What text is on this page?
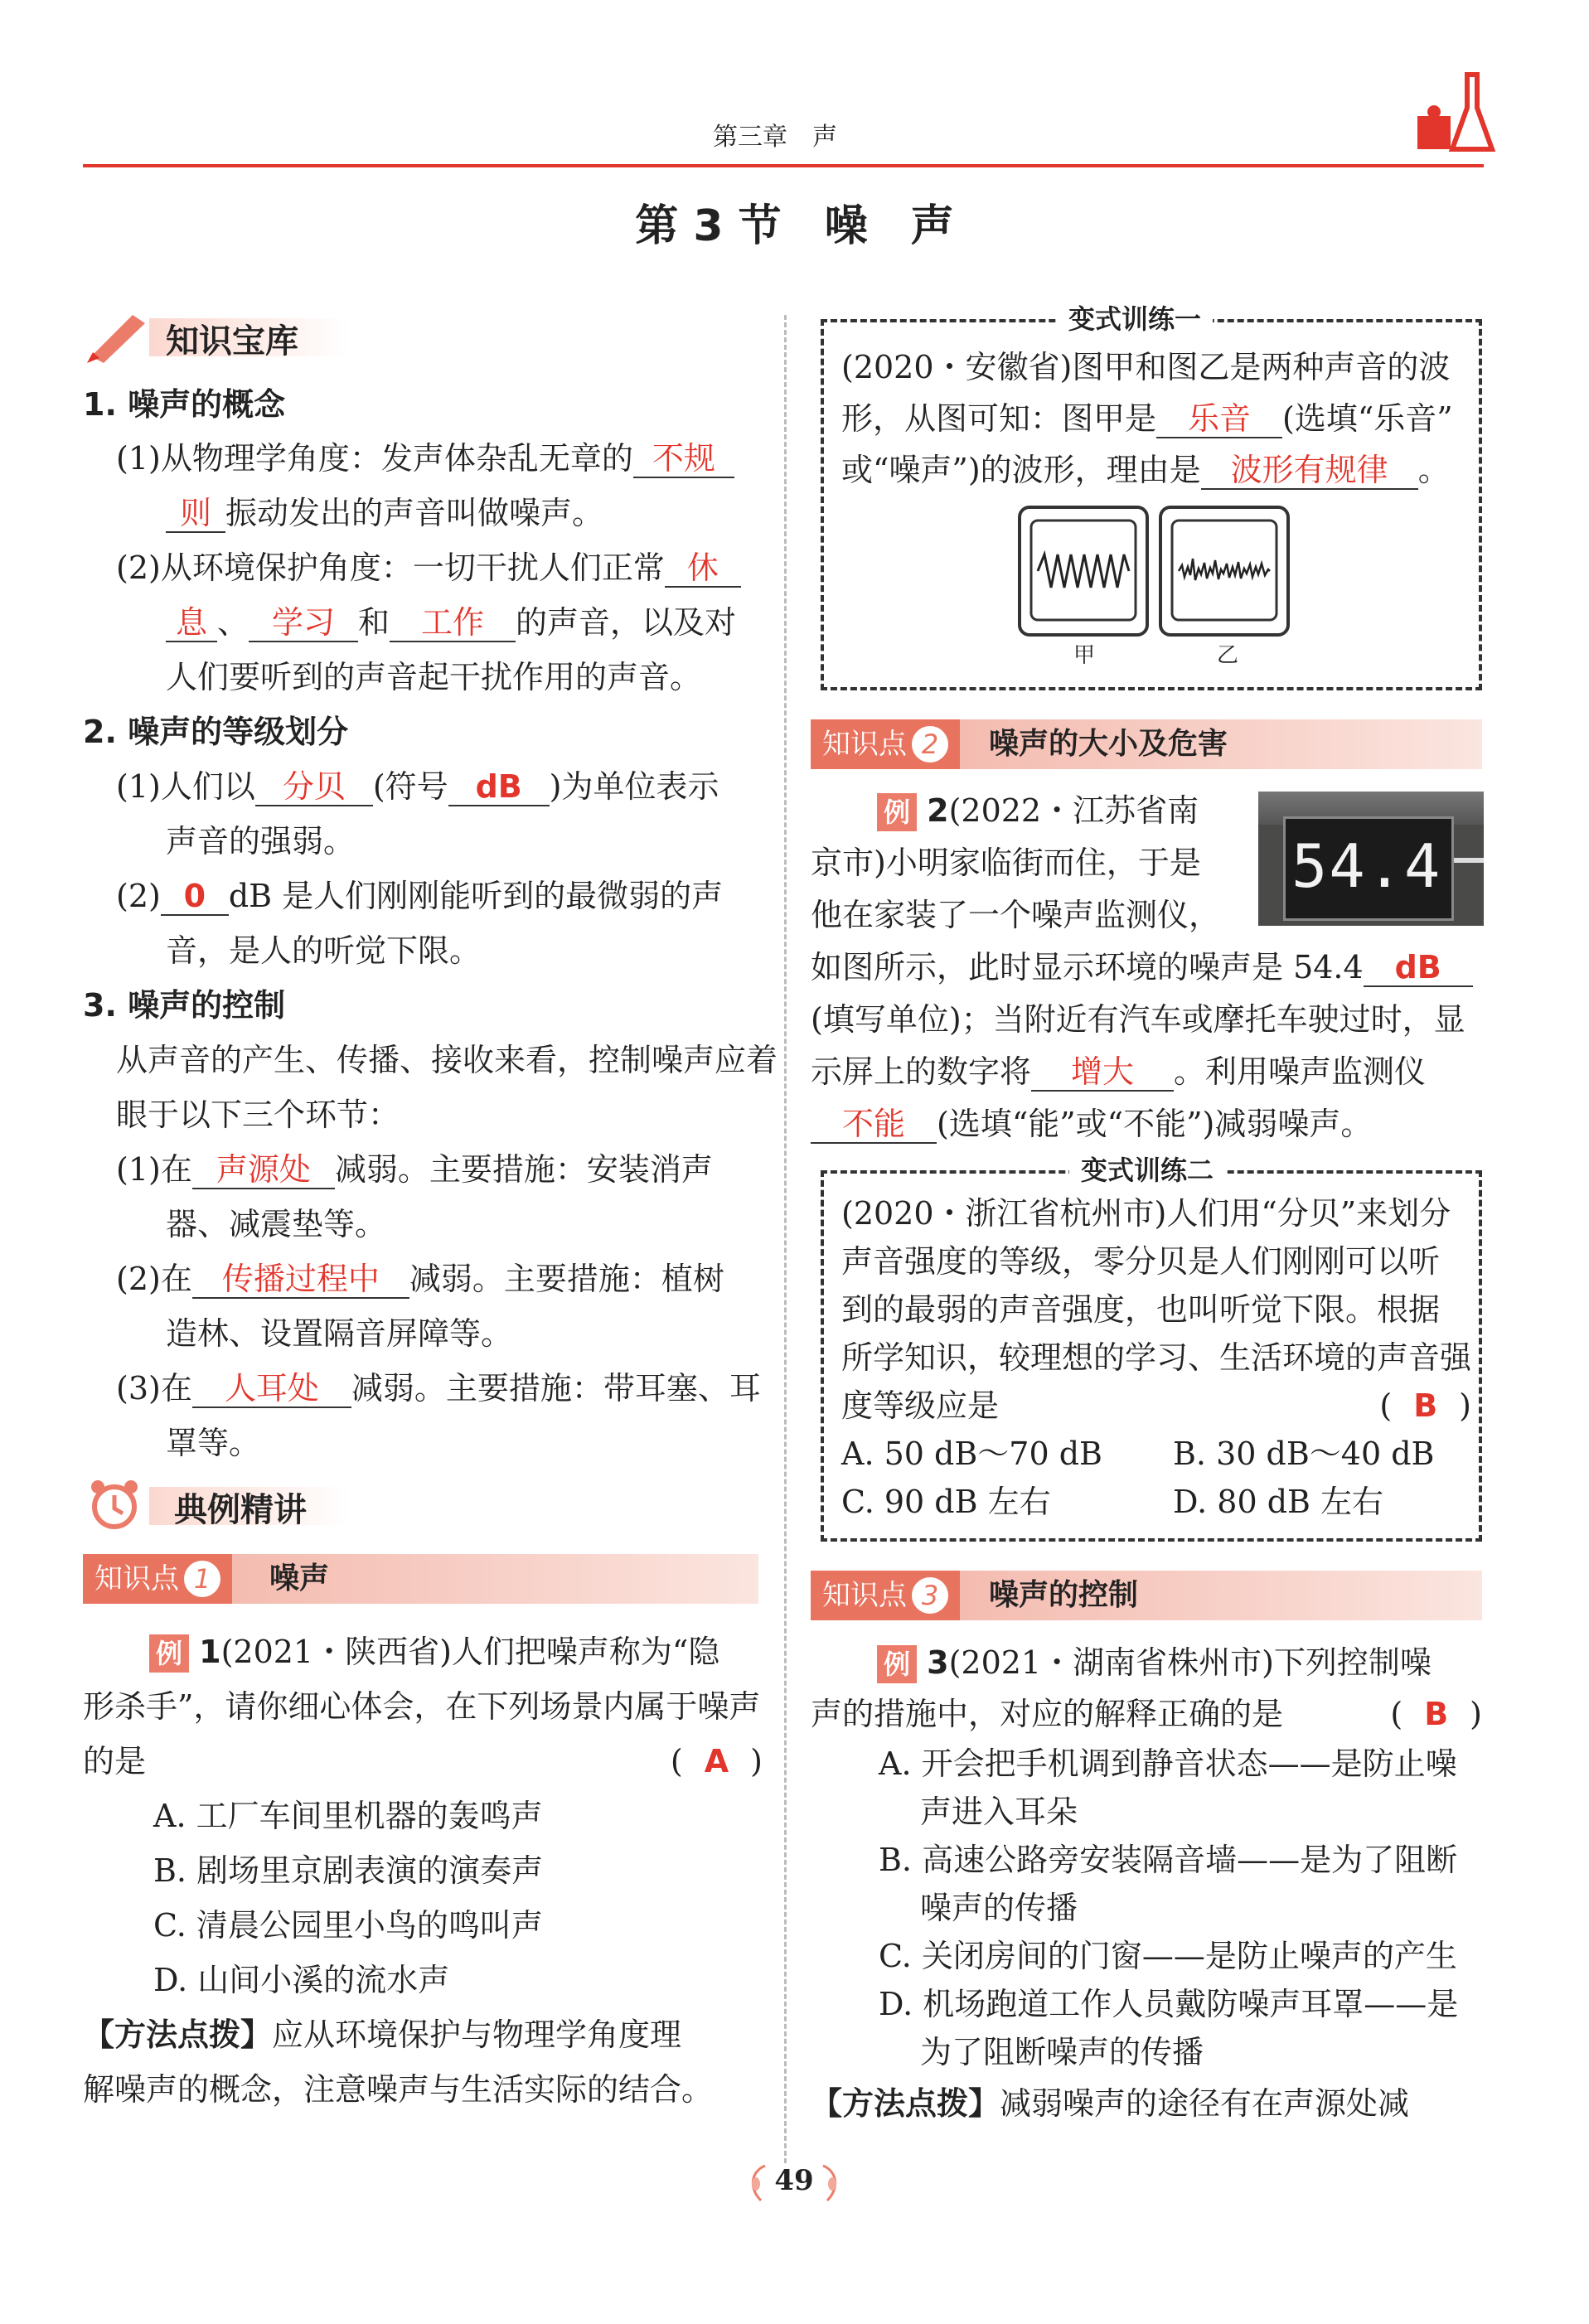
第三章　声
第 3 节　噪　声
知识宝库
1. 噪声的概念
(1)从物理学角度：发声体杂乱无章的 不规
则 振动发出的声音叫做噪声。
(2)从环境保护角度：一切干扰人们正常 休
息 、 学习 和 工作 的声音，以及对
人们要听到的声音起干扰作用的声音。
2. 噪声的等级划分
(1)人们以 分贝 (符号 dB )为单位表示
声音的强弱。
(2) 0 dB 是人们刚刚能听到的最微弱的声
音，是人的听觉下限。
3. 噪声的控制
从声音的产生、传播、接收来看，控制噪声应着
眼于以下三个环节：
(1)在 声源处 减弱。主要措施：安装消声
器、减震垫等。
(2)在 传播过程中 减弱。主要措施：植树
造林、设置隔音屏障等。
(3)在 人耳处 减弱。主要措施：带耳塞、耳
罩等。
典例精讲
知识点 1	噪声
例 1(2021・陕西省)人们把噪声称为“隐
形杀手”，请你细心体会，在下列场景内属于噪声
的是	( A )
A. 工厂车间里机器的轰鸣声
B. 剧场里京剧表演的演奏声
C. 清晨公园里小鸟的鸣叫声
D. 山间小溪的流水声
【方法点拨】应从环境保护与物理学角度理
解噪声的概念，注意噪声与生活实际的结合。
变式训练一
(2020・安徽省)图甲和图乙是两种声音的波
形，从图可知：图甲是 乐音 (选填“乐音”
或“噪声”)的波形，理由是 波形有规律 。
甲	乙
知识点 2	噪声的大小及危害
例 2(2022・江苏省南
京市)小明家临街而住，于是
他在家装了一个噪声监测仪，
54.4
如图所示，此时显示环境的噪声是 54.4 dB
(填写单位)；当附近有汽车或摩托车驶过时，显
示屏上的数字将 增大 。利用噪声监测仪
不能 (选填“能”或“不能”)减弱噪声。
变式训练二
(2020・浙江省杭州市)人们用“分贝”来划分
声音强度的等级，零分贝是人们刚刚可以听
到的最弱的声音强度，也叫听觉下限。根据
所学知识，较理想的学习、生活环境的声音强
度等级应是	( B )
A. 50 dB～70 dB B. 30 dB～40 dB
C. 90 dB 左右	D. 80 dB 左右
知识点 3	噪声的控制
例 3(2021・湖南省株州市)下列控制噪
声的措施中，对应的解释正确的是	( B )
A. 开会把手机调到静音状态——是防止噪
声进入耳朵
B. 高速公路旁安装隔音墙——是为了阻断
噪声的传播
C. 关闭房间的门窗——是防止噪声的产生
D. 机场跑道工作人员戴防噪声耳罩——是
为了阻断噪声的传播
【方法点拨】减弱噪声的途径有在声源处减
49
